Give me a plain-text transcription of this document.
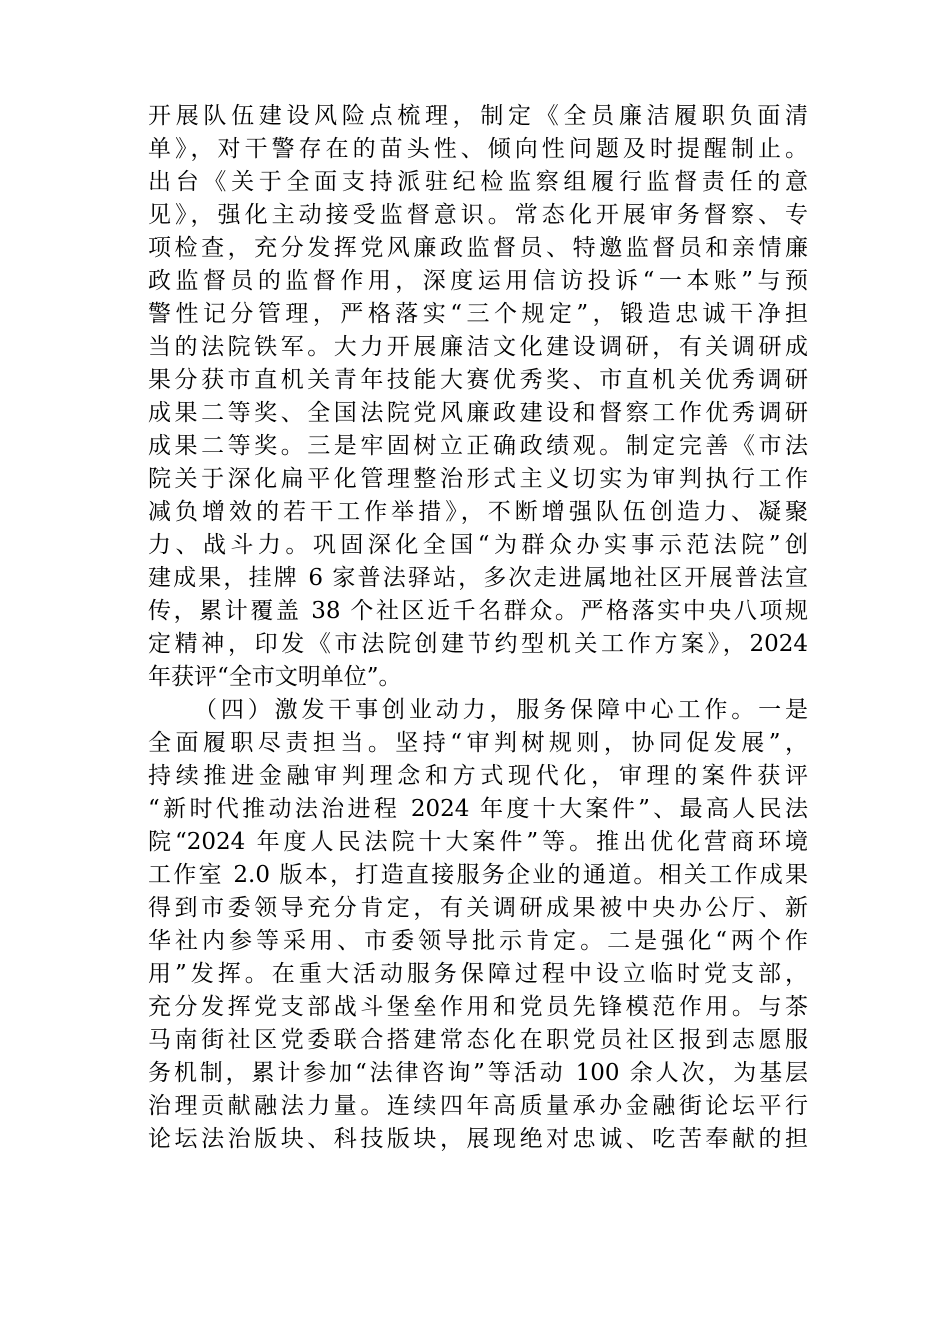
开展队伍建设风险点梳理，制定《全员廉洁履职负面清
单》，对干警存在的苗头性、倾向性问题及时提醒制止。
出台《关于全面支持派驻纪检监察组履行监督责任的意
见》，强化主动接受监督意识。常态化开展审务督察、专
项检查，充分发挥党风廉政监督员、特邀监督员和亲情廉
政监督员的监督作用，深度运用信访投诉“一本账”与预
警性记分管理，严格落实“三个规定”，锻造忠诚干净担
当的法院铁军。大力开展廉洁文化建设调研，有关调研成
果分获市直机关青年技能大赛优秀奖、市直机关优秀调研
成果二等奖、全国法院党风廉政建设和督察工作优秀调研
成果二等奖。三是牢固树立正确政绩观。制定完善《市法
院关于深化扁平化管理整治形式主义切实为审判执行工作
减负增效的若干工作举措》，不断增强队伍创造力、凝聚
力、战斗力。巩固深化全国“为群众办实事示范法院”创
建成果，挂牌 6 家普法驿站，多次走进属地社区开展普法宣
传，累计覆盖 38 个社区近千名群众。严格落实中央八项规
定精神，印发《市法院创建节约型机关工作方案》，2024
年获评“全市文明单位”。
（四）激发干事创业动力，服务保障中心工作。一是
全面履职尽责担当。坚持“审判树规则，协同促发展”，
持续推进金融审判理念和方式现代化，审理的案件获评
“新时代推动法治进程 2024 年度十大案件”、最高人民法
院“2024 年度人民法院十大案件”等。推出优化营商环境
工作室 2.0 版本，打造直接服务企业的通道。相关工作成果
得到市委领导充分肯定，有关调研成果被中央办公厅、新
华社内参等采用、市委领导批示肯定。二是强化“两个作
用”发挥。在重大活动服务保障过程中设立临时党支部，
充分发挥党支部战斗堡垒作用和党员先锋模范作用。与茶
马南街社区党委联合搭建常态化在职党员社区报到志愿服
务机制，累计参加“法律咨询”等活动 100 余人次，为基层
治理贡献融法力量。连续四年高质量承办金融街论坛平行
论坛法治版块、科技版块，展现绝对忠诚、吃苦奉献的担
